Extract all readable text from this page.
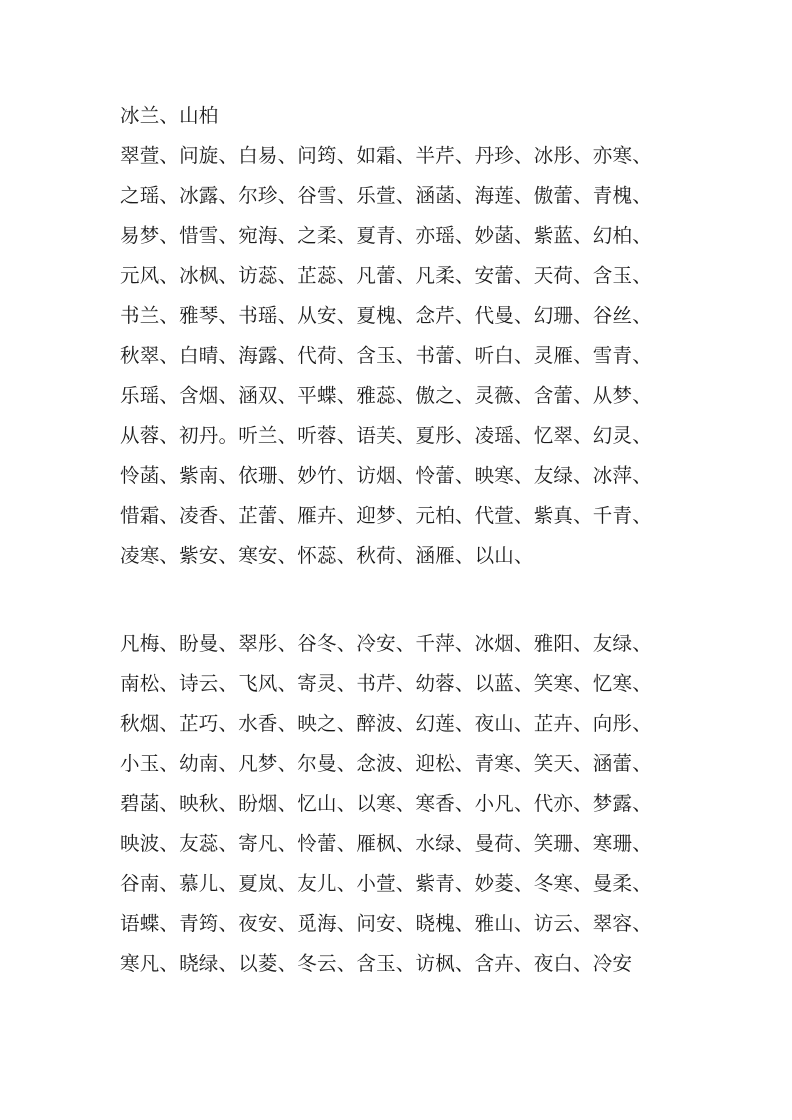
冰兰、山柏
翠萱、问旋、白易、问筠、如霜、半芹、丹珍、冰彤、亦寒、
之瑶、冰露、尔珍、谷雪、乐萱、涵菡、海莲、傲蕾、青槐、
易梦、惜雪、宛海、之柔、夏青、亦瑶、妙菡、紫蓝、幻柏、
元风、冰枫、访蕊、芷蕊、凡蕾、凡柔、安蕾、天荷、含玉、
书兰、雅琴、书瑶、从安、夏槐、念芹、代曼、幻珊、谷丝、
秋翠、白晴、海露、代荷、含玉、书蕾、听白、灵雁、雪青、
乐瑶、含烟、涵双、平蝶、雅蕊、傲之、灵薇、含蕾、从梦、
从蓉、初丹。听兰、听蓉、语芙、夏彤、凌瑶、忆翠、幻灵、
怜菡、紫南、依珊、妙竹、访烟、怜蕾、映寒、友绿、冰萍、
惜霜、凌香、芷蕾、雁卉、迎梦、元柏、代萱、紫真、千青、
凌寒、紫安、寒安、怀蕊、秋荷、涵雁、以山、
凡梅、盼曼、翠彤、谷冬、冷安、千萍、冰烟、雅阳、友绿、
南松、诗云、飞风、寄灵、书芹、幼蓉、以蓝、笑寒、忆寒、
秋烟、芷巧、水香、映之、醉波、幻莲、夜山、芷卉、向彤、
小玉、幼南、凡梦、尔曼、念波、迎松、青寒、笑天、涵蕾、
碧菡、映秋、盼烟、忆山、以寒、寒香、小凡、代亦、梦露、
映波、友蕊、寄凡、怜蕾、雁枫、水绿、曼荷、笑珊、寒珊、
谷南、慕儿、夏岚、友儿、小萱、紫青、妙菱、冬寒、曼柔、
语蝶、青筠、夜安、觅海、问安、晓槐、雅山、访云、翠容、
寒凡、晓绿、以菱、冬云、含玉、访枫、含卉、夜白、冷安
